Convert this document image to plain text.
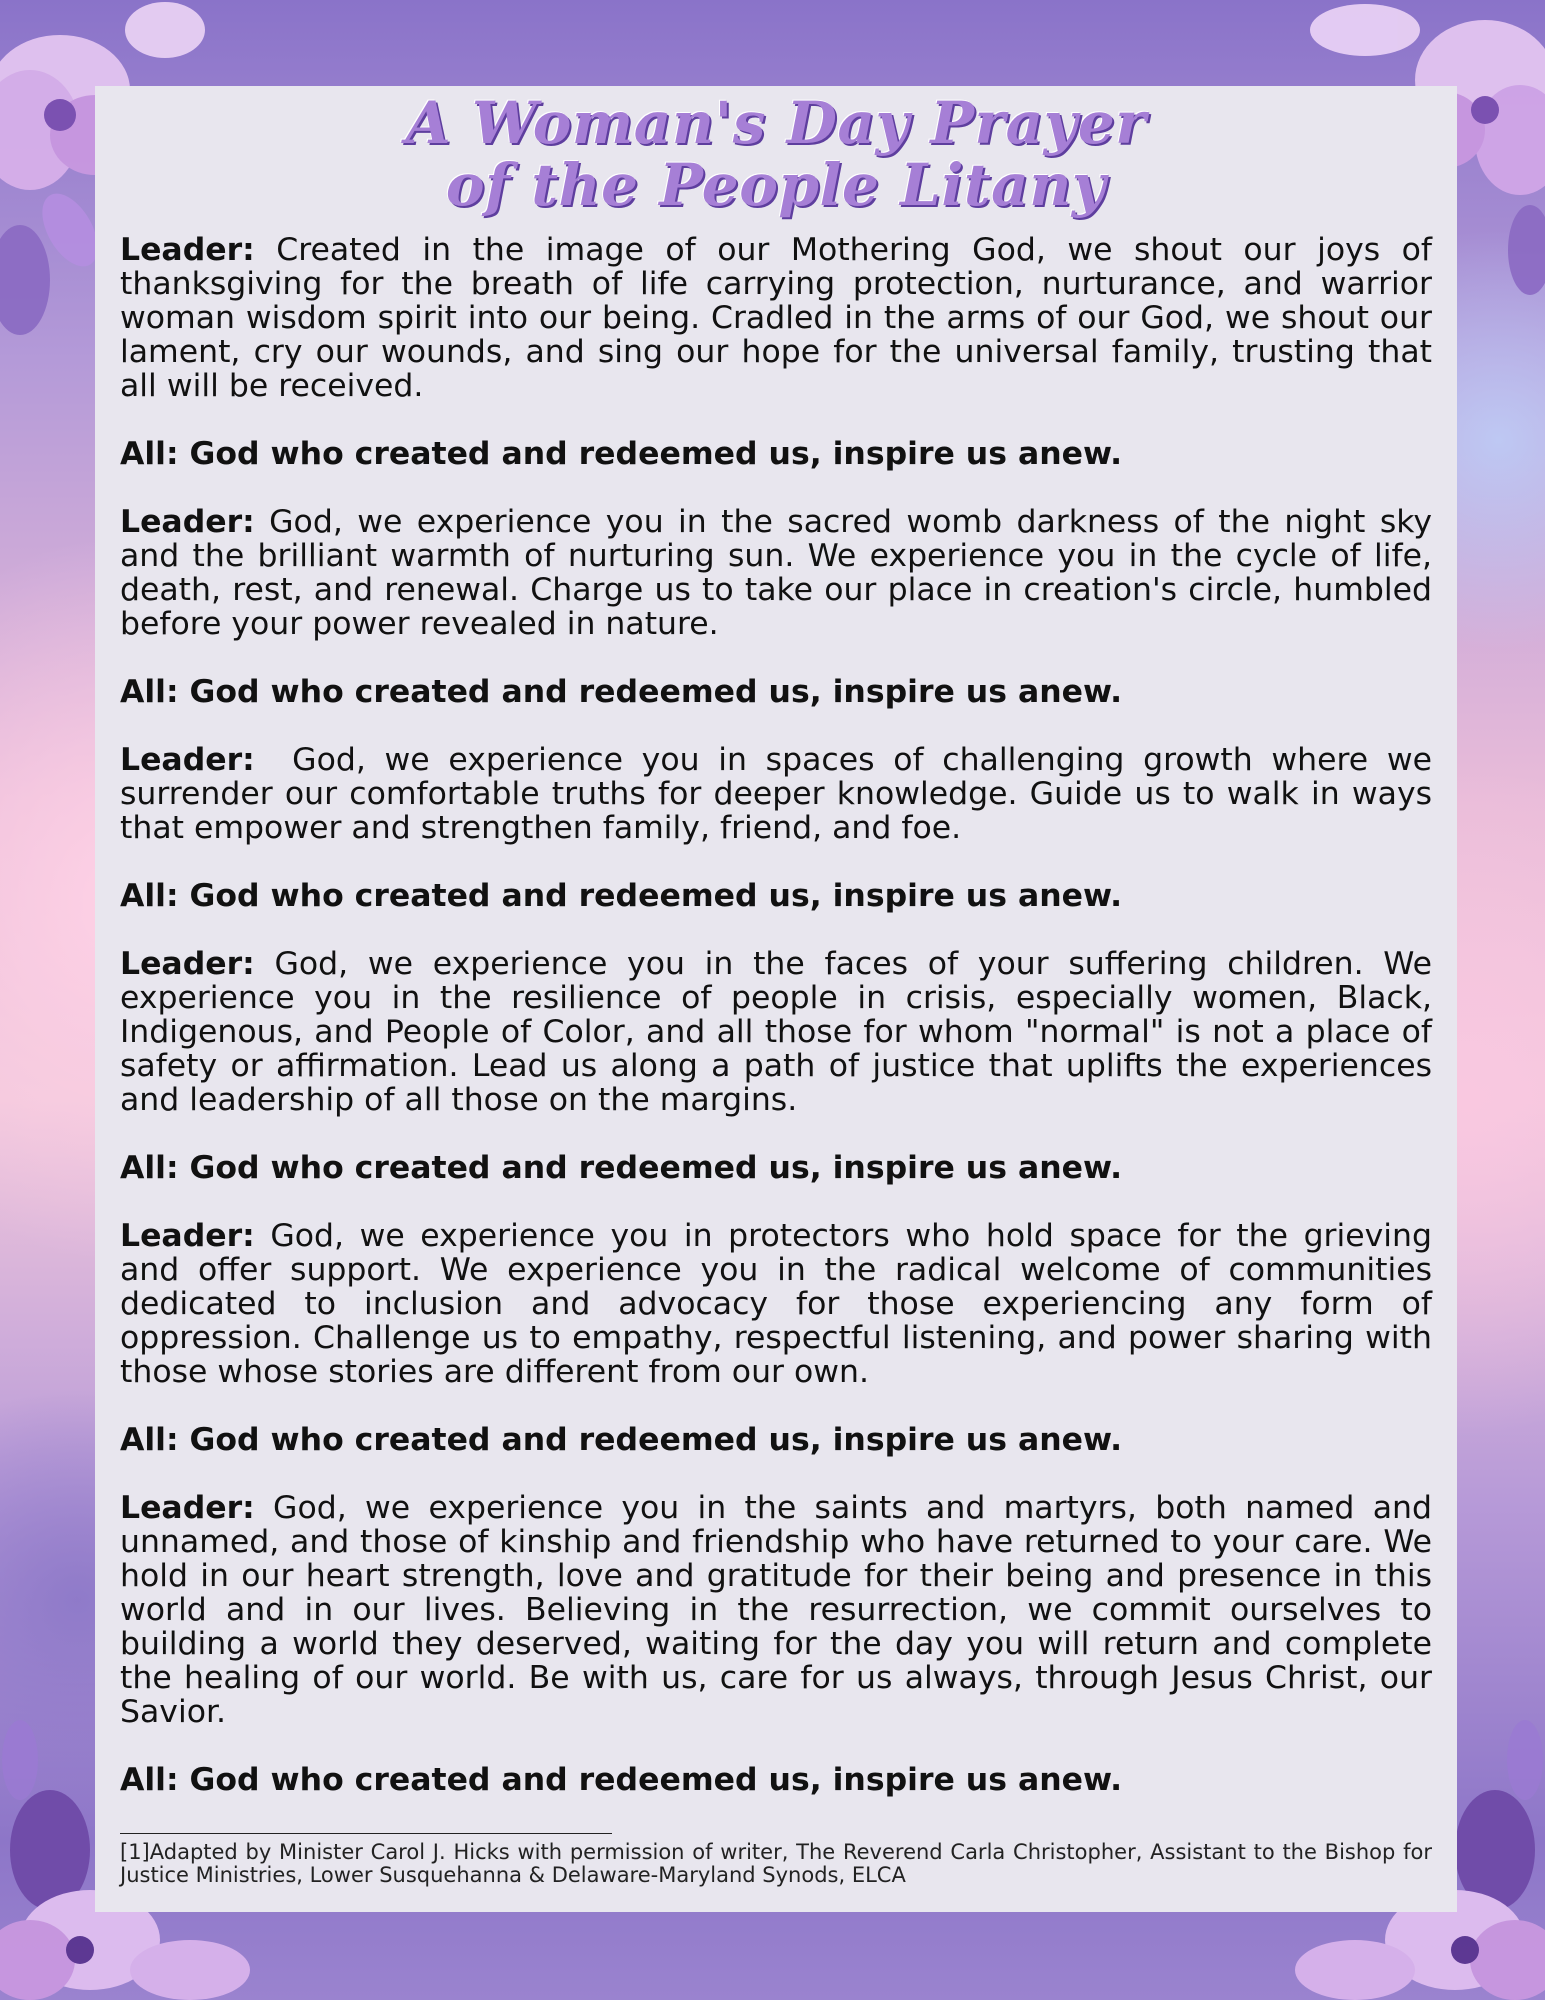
A Woman's Day Prayer
of the People Litany

Leader: Created in the image of our Mothering God, we shout our joys of thanksgiving for the breath of life carrying protection, nurturance, and warrior woman wisdom spirit into our being. Cradled in the arms of our God, we shout our lament, cry our wounds, and sing our hope for the universal family, trusting that all will be received.

All: God who created and redeemed us, inspire us anew.

Leader: God, we experience you in the sacred womb darkness of the night sky and the brilliant warmth of nurturing sun. We experience you in the cycle of life, death, rest, and renewal. Charge us to take our place in creation's circle, humbled before your power revealed in nature.

All: God who created and redeemed us, inspire us anew.

Leader:  God, we experience you in spaces of challenging growth where we surrender our comfortable truths for deeper knowledge. Guide us to walk in ways that empower and strengthen family, friend, and foe.

All: God who created and redeemed us, inspire us anew.

Leader: God, we experience you in the faces of your suffering children. We experience you in the resilience of people in crisis, especially women, Black, Indigenous, and People of Color, and all those for whom "normal" is not a place of safety or affirmation. Lead us along a path of justice that uplifts the experiences and leadership of all those on the margins.

All: God who created and redeemed us, inspire us anew.

Leader: God, we experience you in protectors who hold space for the grieving and offer support. We experience you in the radical welcome of communities dedicated to inclusion and advocacy for those experiencing any form of oppression. Challenge us to empathy, respectful listening, and power sharing with those whose stories are different from our own.

All: God who created and redeemed us, inspire us anew.

Leader: God, we experience you in the saints and martyrs, both named and unnamed, and those of kinship and friendship who have returned to your care. We hold in our heart strength, love and gratitude for their being and presence in this world and in our lives. Believing in the resurrection, we commit ourselves to building a world they deserved, waiting for the day you will return and complete the healing of our world. Be with us, care for us always, through Jesus Christ, our Savior.

All: God who created and redeemed us, inspire us anew.

[1]Adapted by Minister Carol J. Hicks with permission of writer, The Reverend Carla Christopher, Assistant to the Bishop for Justice Ministries, Lower Susquehanna & Delaware-Maryland Synods, ELCA
